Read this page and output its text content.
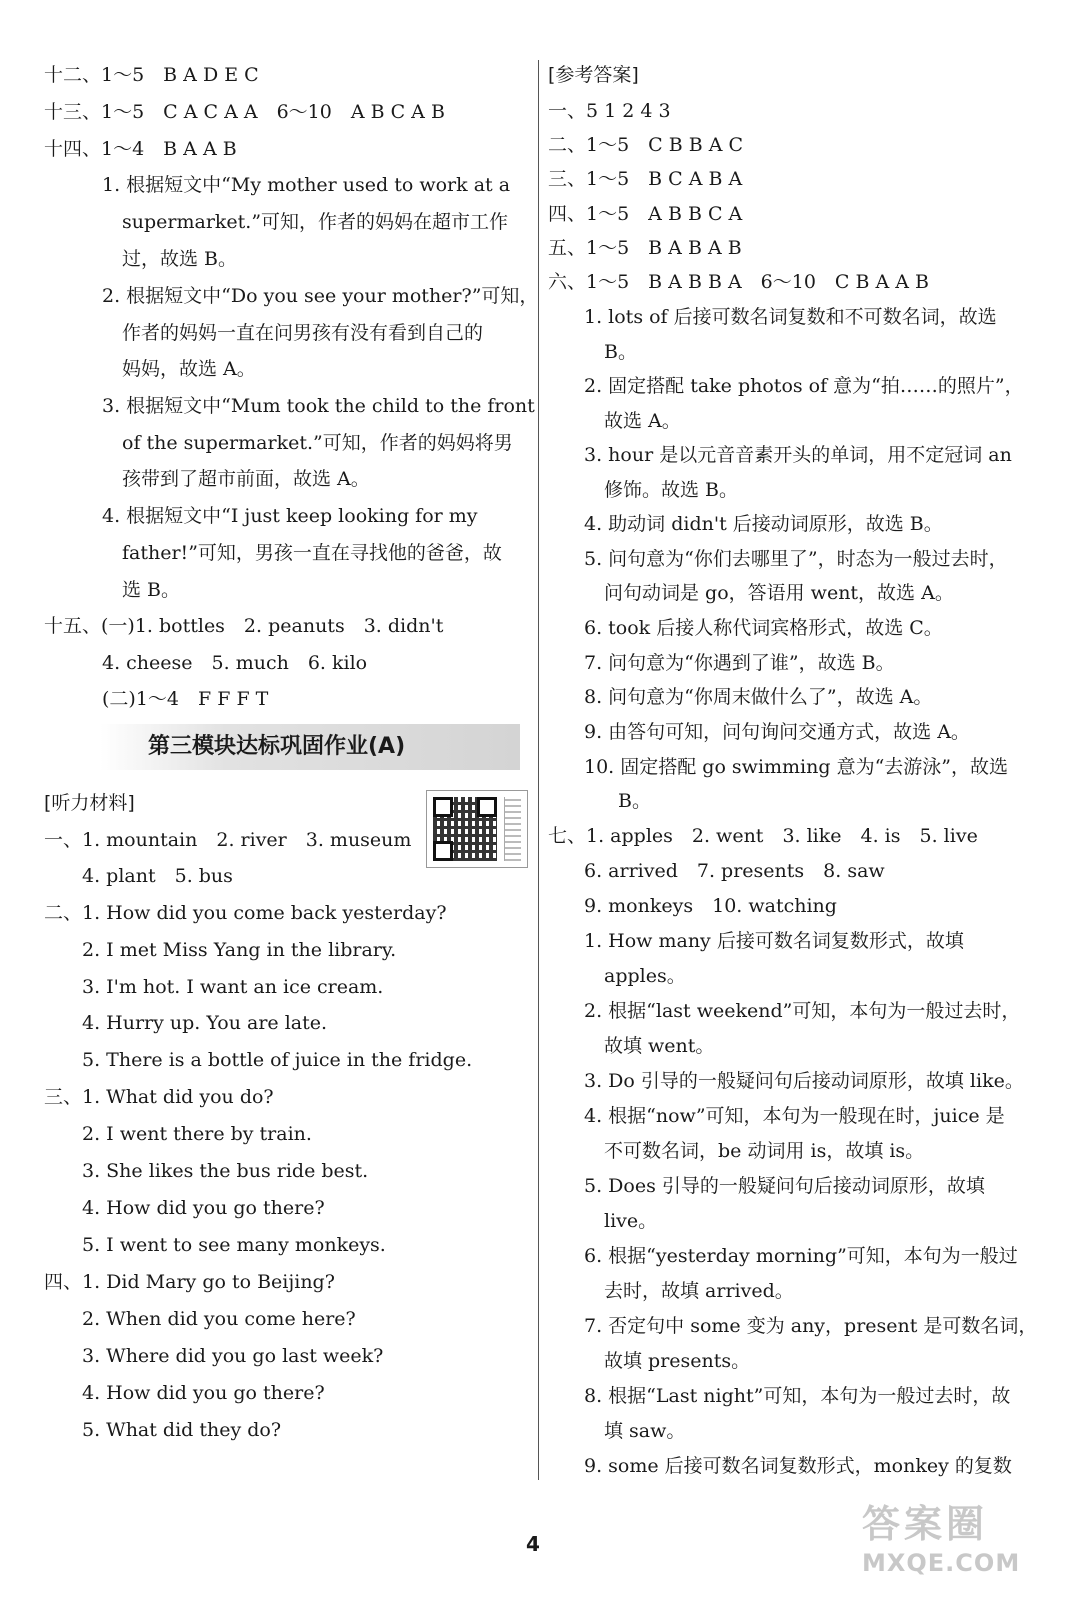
十二、1～5　B A D E C
十三、1～5　C A C A A　6～10　A B C A B
十四、1～4　B A A B
1. 根据短文中“My mother used to work at a
supermarket.”可知，作者的妈妈在超市工作
过，故选 B。
2. 根据短文中“Do you see your mother?”可知，
作者的妈妈一直在问男孩有没有看到自己的
妈妈，故选 A。
3. 根据短文中“Mum took the child to the front
of the supermarket.”可知，作者的妈妈将男
孩带到了超市前面，故选 A。
4. 根据短文中“I just keep looking for my
father!”可知，男孩一直在寻找他的爸爸，故
选 B。
十五、(一)1. bottles　2. peanuts　3. didn't
4. cheese　5. much　6. kilo
(二)1～4　F F F T
[听力材料]
一、1. mountain　2. river　3. museum
4. plant　5. bus
二、1. How did you come back yesterday?
2. I met Miss Yang in the library.
3. I'm hot. I want an ice cream.
4. Hurry up. You are late.
5. There is a bottle of juice in the fridge.
三、1. What did you do?
2. I went there by train.
3. She likes the bus ride best.
4. How did you go there?
5. I went to see many monkeys.
四、1. Did Mary go to Beijing?
2. When did you come here?
3. Where did you go last week?
4. How did you go there?
5. What did they do?
第三模块达标巩固作业(A)
[参考答案]
一、5 1 2 4 3
二、1～5　C B B A C
三、1～5　B C A B A
四、1～5　A B B C A
五、1～5　B A B A B
六、1～5　B A B B A　6～10　C B A A B
1. lots of 后接可数名词复数和不可数名词，故选
B。
2. 固定搭配 take photos of 意为“拍……的照片”，
故选 A。
3. hour 是以元音音素开头的单词，用不定冠词 an
修饰。故选 B。
4. 助动词 didn't 后接动词原形，故选 B。
5. 问句意为“你们去哪里了”，时态为一般过去时，
问句动词是 go，答语用 went，故选 A。
6. took 后接人称代词宾格形式，故选 C。
7. 问句意为“你遇到了谁”，故选 B。
8. 问句意为“你周末做什么了”，故选 A。
9. 由答句可知，问句询问交通方式，故选 A。
10. 固定搭配 go swimming 意为“去游泳”，故选
B。
七、1. apples　2. went　3. like　4. is　5. live
6. arrived　7. presents　8. saw
9. monkeys　10. watching
1. How many 后接可数名词复数形式，故填
apples。
2. 根据“last weekend”可知，本句为一般过去时，
故填 went。
3. Do 引导的一般疑问句后接动词原形，故填 like。
4. 根据“now”可知，本句为一般现在时，juice 是
不可数名词，be 动词用 is，故填 is。
5. Does 引导的一般疑问句后接动词原形，故填
live。
6. 根据“yesterday morning”可知，本句为一般过
去时，故填 arrived。
7. 否定句中 some 变为 any，present 是可数名词，
故填 presents。
8. 根据“Last night”可知，本句为一般过去时，故
填 saw。
9. some 后接可数名词复数形式，monkey 的复数
4	答案圈
MXQE.COM
